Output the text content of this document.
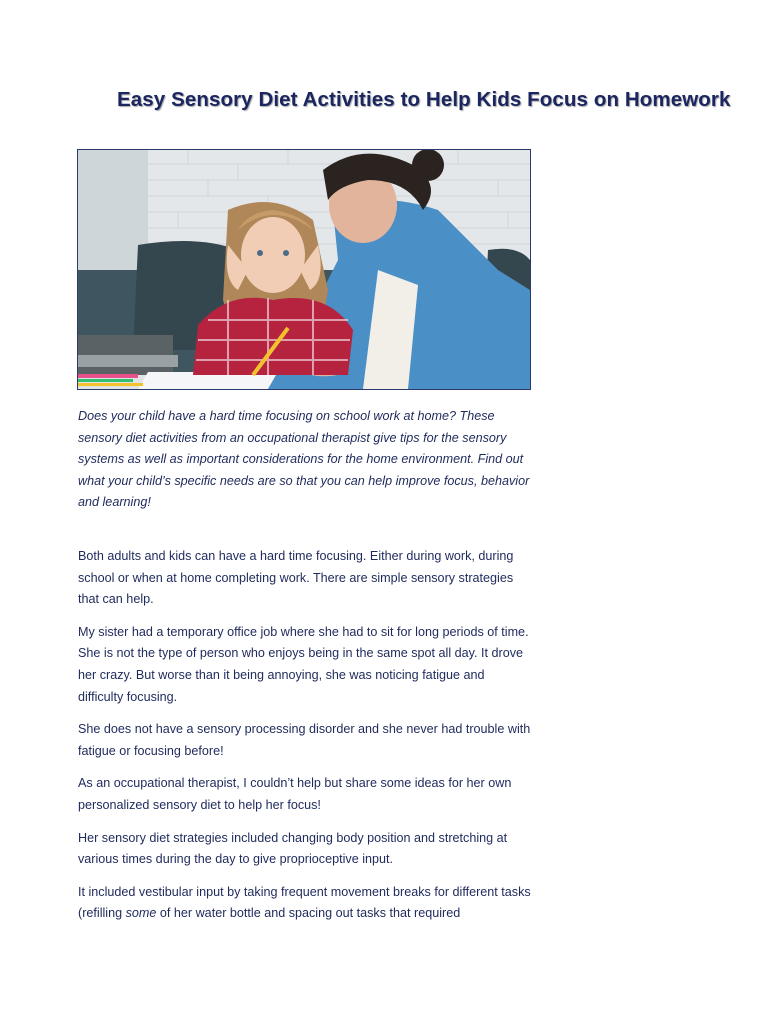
Easy Sensory Diet Activities to Help Kids Focus on Homework

Does your child have a hard time focusing on school work at home? These sensory diet activities from an occupational therapist give tips for the sensory systems as well as important considerations for the home environment. Find out what your child’s specific needs are so that you can help improve focus, behavior and learning!

Both adults and kids can have a hard time focusing. Either during work, during school or when at home completing work. There are simple sensory strategies that can help.

My sister had a temporary office job where she had to sit for long periods of time. She is not the type of person who enjoys being in the same spot all day. It drove her crazy. But worse than it being annoying, she was noticing fatigue and difficulty focusing.

She does not have a sensory processing disorder and she never had trouble with fatigue or focusing before!

As an occupational therapist, I couldn’t help but share some ideas for her own personalized sensory diet to help her focus!

Her sensory diet strategies included changing body position and stretching at various times during the day to give proprioceptive input.

It included vestibular input by taking frequent movement breaks for different tasks (refilling some of her water bottle and spacing out tasks that required
